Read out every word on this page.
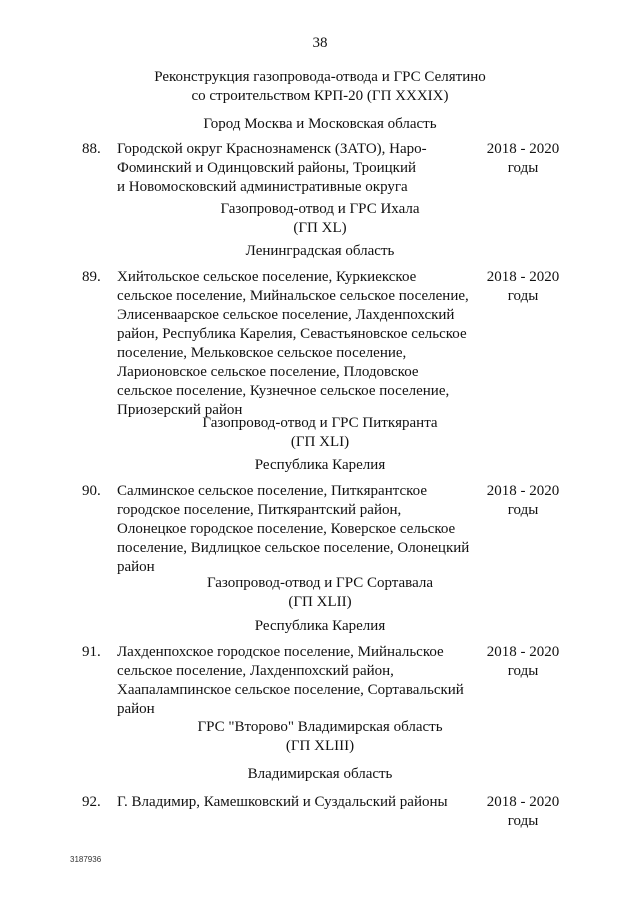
38
Реконструкция газопровода-отвода и ГРС Селятино
со строительством КРП-20 (ГП XXXIX)
Город Москва и Московская область
88. Городской округ Краснознаменск (ЗАТО), Наро-
Фоминский и Одинцовский районы, Троицкий
и Новомосковский административные округа
2018 - 2020
годы
Газопровод-отвод и ГРС Ихала
(ГП XL)
Ленинградская область
89. Хийтольское сельское поселение, Куркиекское
сельское поселение, Мийнальское сельское поселение,
Элисенваарское сельское поселение, Лахденпохский
район, Республика Карелия, Севастьяновское сельское
поселение, Мельковское сельское поселение,
Ларионовское сельское поселение, Плодовское
сельское поселение, Кузнечное сельское поселение,
Приозерский район
2018 - 2020
годы
Газопровод-отвод и ГРС Питкяранта
(ГП XLI)
Республика Карелия
90. Салминское сельское поселение, Питкярантское
городское поселение, Питкярантский район,
Олонецкое городское поселение, Коверское сельское
поселение, Видлицкое сельское поселение, Олонецкий
район
2018 - 2020
годы
Газопровод-отвод и ГРС Сортавала
(ГП XLII)
Республика Карелия
91. Лахденпохское городское поселение, Мийнальское
сельское поселение, Лахденпохский район,
Хаапалампинское сельское поселение, Сортавальский
район
2018 - 2020
годы
ГРС "Второво" Владимирская область
(ГП XLIII)
Владимирская область
92. Г. Владимир, Камешковский и Суздальский районы	2018 - 2020
годы
3187936
